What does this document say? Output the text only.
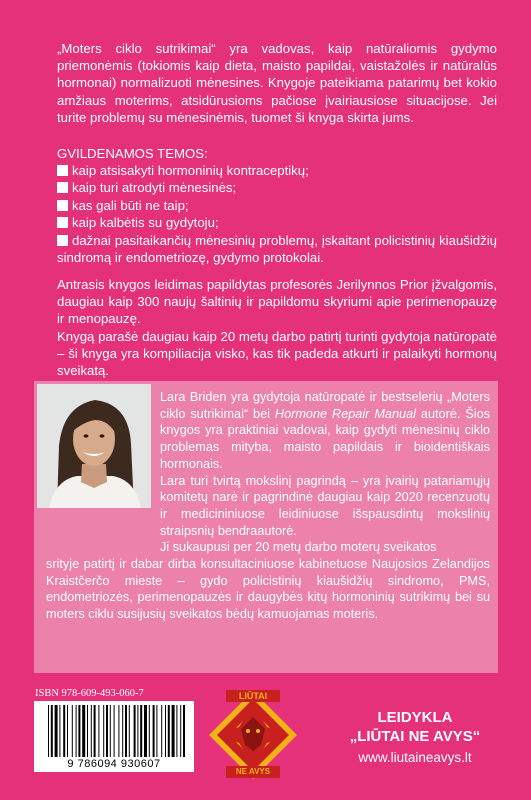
„Moters ciklo sutrikimai“ yra vadovas, kaip natūraliomis gydymo priemonėmis (tokiomis kaip dieta, maisto papildai, vaistažolės ir natūralūs hormonai) normalizuoti mėnesines. Knygoje pateikiama patarimų bet kokio amžiaus moterims, atsidūrusioms pačiose įvairiausiose situacijose. Jei turite problemų su mėnesinėmis, tuomet ši knyga skirta jums.

GVILDENAMOS TEMOS:
kaip atsisakyti hormoninių kontraceptikų;
kaip turi atrodyti mėnesinės;
kas gali būti ne taip;
kaip kalbėtis su gydytoju;
dažnai pasitaikančių mėnesinių problemų, įskaitant policistinių kiaušidžių sindromą ir endometriozę, gydymo protokolai.

Antrasis knygos leidimas papildytas profesorės Jerilynnos Prior įžvalgomis, daugiau kaip 300 naujų šaltinių ir papildomu skyriumi apie perimenopauzę ir menopauzę.

Knygą parašė daugiau kaip 20 metų darbo patirtį turinti gydytoja natūropatė – ši knyga yra kompiliacija visko, kas tik padeda atkurti ir palaikyti hormonų sveikatą.

Lara Briden yra gydytoja natūropatė ir bestselerių „Moters ciklo sutrikimai“ bei Hormone Repair Manual autorė. Šios knygos yra praktiniai vadovai, kaip gydyti mėnesinių ciklo problemas mityba, maisto papildais ir bioidentiškais hormonais.

Lara turi tvirtą mokslinį pagrindą – yra įvairių patariamųjų komitetų narė ir pagrindinė daugiau kaip 2020 recenzuotų ir medicininiuose leidiniuose išspausdintų mokslinių straipsnių bendraautorė.

Ji sukaupusi per 20 metų darbo moterų sveikatos

srityje patirtį ir dabar dirba konsultaciniuose kabinetuose Naujosios Zelandijos Kraistčerčo mieste – gydo policistinių kiaušidžių sindromo, PMS, endometriozės, perimenopauzės ir daugybės kitų hormoninių sutrikimų bei su moters ciklu susijusių sveikatos bėdų kamuojamas moteris.

ISBN 978-609-493-060-7
9 786094 930607
LIŪTAI
NE AVYS
LEIDYKLA
„LIŪTAI NE AVYS“
www.liutaineavys.lt
